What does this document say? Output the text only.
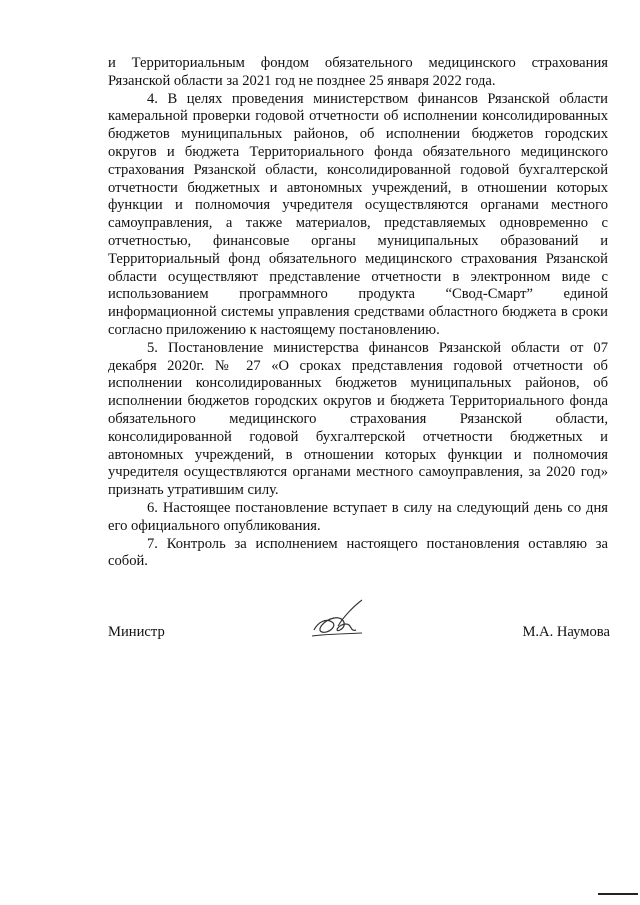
и Территориальным фондом обязательного медицинского страхования Рязанской области за 2021 год не позднее 25 января 2022 года.

4. В целях проведения министерством финансов Рязанской области камеральной проверки годовой отчетности об исполнении консолидированных бюджетов муниципальных районов, об исполнении бюджетов городских округов и бюджета Территориального фонда обязательного медицинского страхования Рязанской области, консолидированной годовой бухгалтерской отчетности бюджетных и автономных учреждений, в отношении которых функции и полномочия учредителя осуществляются органами местного самоуправления, а также материалов, представляемых одновременно с отчетностью, финансовые органы муниципальных образований и Территориальный фонд обязательного медицинского страхования Рязанской области осуществляют представление отчетности в электронном виде с использованием программного продукта “Свод-Смарт” единой информационной системы управления средствами областного бюджета в сроки согласно приложению к настоящему постановлению.

5. Постановление министерства финансов Рязанской области от 07 декабря 2020г. № 27 «О сроках представления годовой отчетности об исполнении консолидированных бюджетов муниципальных районов, об исполнении бюджетов городских округов и бюджета Территориального фонда обязательного медицинского страхования Рязанской области, консолидированной годовой бухгалтерской отчетности бюджетных и автономных учреждений, в отношении которых функции и полномочия учредителя осуществляются органами местного самоуправления, за 2020 год» признать утратившим силу.

6. Настоящее постановление вступает в силу на следующий день со дня его официального опубликования.

7. Контроль за исполнением настоящего постановления оставляю за собой.

Министр	М.А. Наумова
